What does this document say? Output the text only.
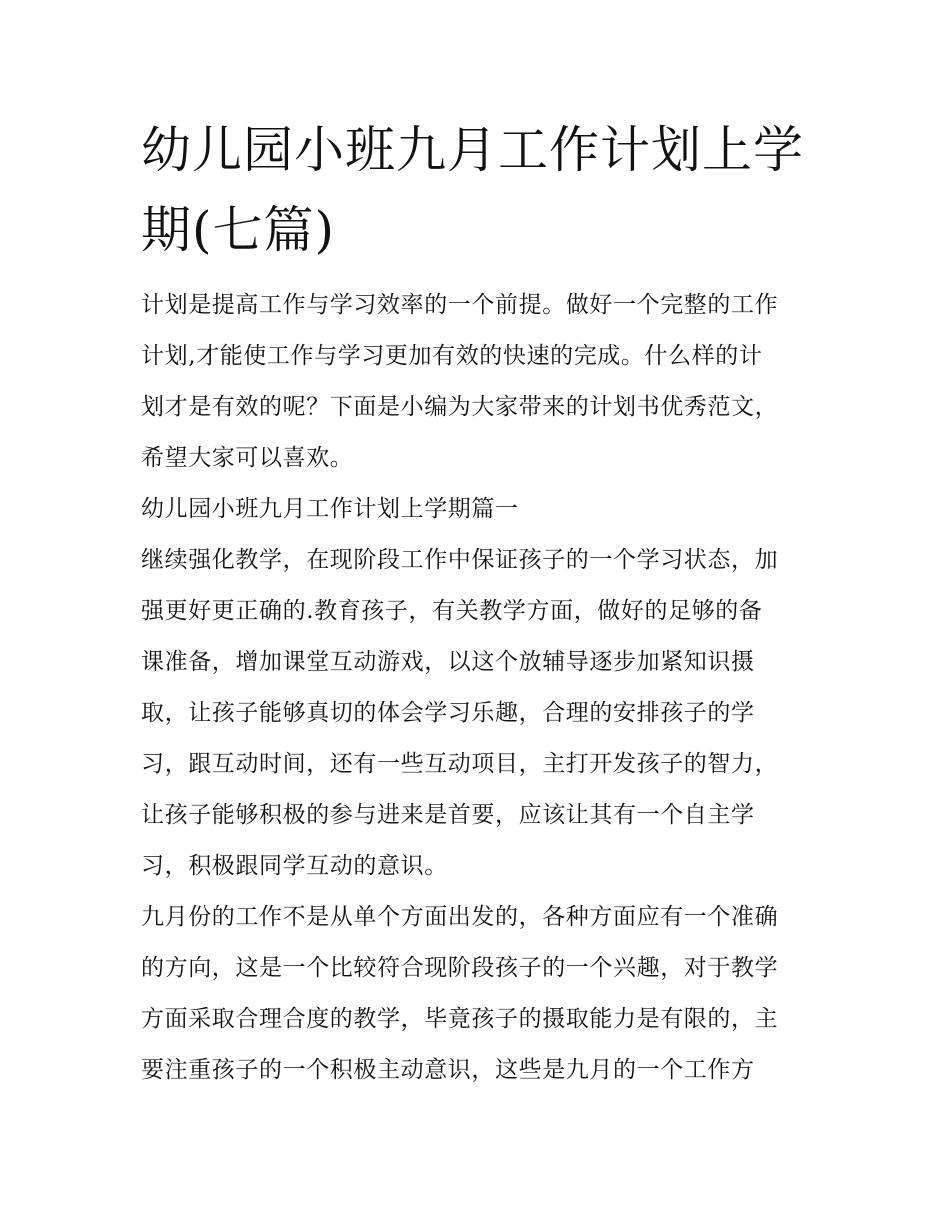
幼儿园小班九月工作计划上学
期(七篇)

计划是提高工作与学习效率的一个前提。做好一个完整的工作
计划,才能使工作与学习更加有效的快速的完成。什么样的计
划才是有效的呢？下面是小编为大家带来的计划书优秀范文，
希望大家可以喜欢。

幼儿园小班九月工作计划上学期篇一

继续强化教学，在现阶段工作中保证孩子的一个学习状态，加
强更好更正确的.教育孩子，有关教学方面，做好的足够的备
课准备，增加课堂互动游戏，以这个放辅导逐步加紧知识摄
取，让孩子能够真切的体会学习乐趣，合理的安排孩子的学
习，跟互动时间，还有一些互动项目，主打开发孩子的智力，
让孩子能够积极的参与进来是首要，应该让其有一个自主学
习，积极跟同学互动的意识。

九月份的工作不是从单个方面出发的，各种方面应有一个准确
的方向，这是一个比较符合现阶段孩子的一个兴趣，对于教学
方面采取合理合度的教学，毕竟孩子的摄取能力是有限的，主
要注重孩子的一个积极主动意识，这些是九月的一个工作方
